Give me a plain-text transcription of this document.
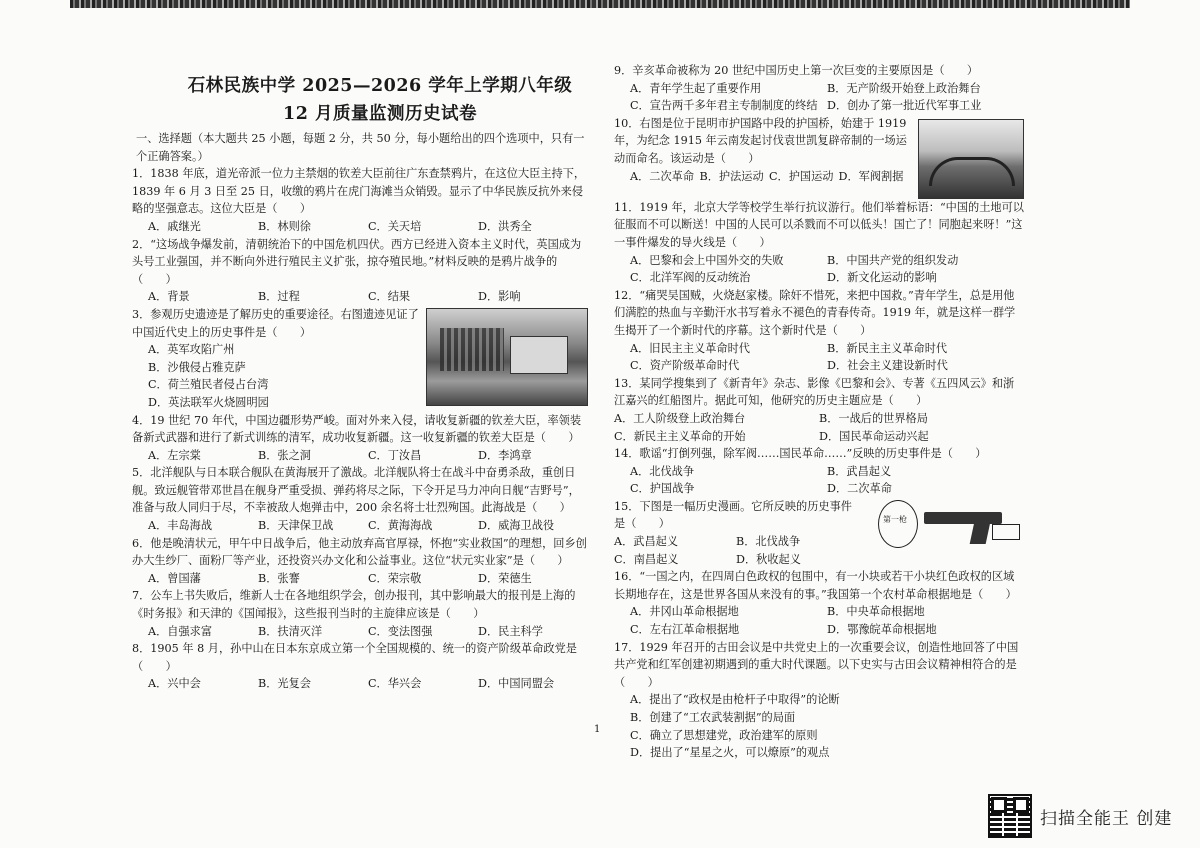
石林民族中学 2025—2026 学年上学期八年级
12 月质量监测历史试卷
一、选择题（本大题共 25 小题，每题 2 分，共 50 分，每小题给出的四个选项中，只有一个正确答案。）
1．1838 年底，道光帝派一位力主禁烟的钦差大臣前往广东查禁鸦片，在这位大臣主持下，1839 年 6 月 3 日至 25 日，收缴的鸦片在虎门海滩当众销毁。显示了中华民族反抗外来侵略的坚强意志。这位大臣是（　　）
A．戚继光	B．林则徐	C．关天培	D．洪秀全
2．“这场战争爆发前，清朝统治下的中国危机四伏。西方已经进入资本主义时代，英国成为头号工业强国，并不断向外进行殖民主义扩张，掠夺殖民地。”材料反映的是鸦片战争的（　　）
A．背景	B．过程	C．结果	D．影响
3．参观历史遗迹是了解历史的重要途径。右图遗迹见证了中国近代史上的历史事件是（　　）
A．英军攻陷广州
B．沙俄侵占雅克萨
C．荷兰殖民者侵占台湾
D．英法联军火烧圆明园
4．19 世纪 70 年代，中国边疆形势严峻。面对外来入侵，请收复新疆的钦差大臣，率领装备新式武器和进行了新式训练的清军，成功收复新疆。这一收复新疆的钦差大臣是（　　）
A．左宗棠	B．张之洞	C．丁汝昌	D．李鸿章
5．北洋舰队与日本联合舰队在黄海展开了激战。北洋舰队将士在战斗中奋勇杀敌，重创日舰。致远舰管带邓世昌在舰身严重受损、弹药将尽之际，下令开足马力冲向日舰“吉野号”，准备与敌人同归于尽，不幸被敌人炮弹击中，200 余名将士壮烈殉国。此海战是（　　）
A．丰岛海战	B．天津保卫战	C．黄海海战	D．威海卫战役
6．他是晚清状元，甲午中日战争后，他主动放弃高官厚禄，怀抱“实业救国”的理想，回乡创办大生纱厂、面粉厂等产业，还投资兴办文化和公益事业。这位“状元实业家”是（　　）
A．曾国藩	B．张謇	C．荣宗敬	D．荣德生
7．公车上书失败后，维新人士在各地组织学会，创办报刊，其中影响最大的报刊是上海的《时务报》和天津的《国闻报》，这些报刊当时的主旋律应该是（　　）
A．自强求富	B．扶清灭洋	C．变法图强	D．民主科学
8．1905 年 8 月，孙中山在日本东京成立第一个全国规模的、统一的资产阶级革命政党是（　　）
A．兴中会	B．光复会	C．华兴会	D．中国同盟会
9．辛亥革命被称为 20 世纪中国历史上第一次巨变的主要原因是（　　）
A．青年学生起了重要作用	B．无产阶级开始登上政治舞台
C．宣告两千多年君主专制制度的终结 D．创办了第一批近代军事工业
10．右图是位于昆明市护国路中段的护国桥，始建于 1919 年，为纪念 1915 年云南发起讨伐袁世凯复辟帝制的一场运动而命名。该运动是（　　）
A．二次革命 B．护法运动 C．护国运动 D．军阀割据
11．1919 年，北京大学等校学生举行抗议游行。他们举着标语：“中国的土地可以征服而不可以断送！中国的人民可以杀戮而不可以低头！国亡了！同胞起来呀！”这一事件爆发的导火线是（　　）
A．巴黎和会上中国外交的失败	B．中国共产党的组织发动
C．北洋军阀的反动统治	D．新文化运动的影响
12．“痛哭吴国贼，火烧赵家楼。除奸不惜死，来把中国救。”青年学生，总是用他们满腔的热血与辛勤汗水书写着永不褪色的青春传奇。1919 年，就是这样一群学生揭开了一个新时代的序幕。这个新时代是（　　）
A．旧民主主义革命时代	B．新民主主义革命时代
C．资产阶级革命时代	D．社会主义建设新时代
13．某同学搜集到了《新青年》杂志、影像《巴黎和会》、专著《五四风云》和浙江嘉兴的红船图片。据此可知，他研究的历史主题应是（　　）
A．工人阶级登上政治舞台	B．一战后的世界格局
C．新民主主义革命的开始	D．国民革命运动兴起
14．歌谣“打倒列强，除军阀……国民革命……”反映的历史事件是（　　）
A．北伐战争	B．武昌起义
C．护国战争	D．二次革命
15．下图是一幅历史漫画。它所反映的历史事件是（　　）
A．武昌起义	B．北伐战争
C．南昌起义	D．秋收起义
第一枪
16．“一国之内，在四周白色政权的包围中，有一小块或若干小块红色政权的区域长期地存在，这是世界各国从来没有的事。”我国第一个农村革命根据地是（　　）
A．井冈山革命根据地	B．中央革命根据地
C．左右江革命根据地	D．鄂豫皖革命根据地
17．1929 年召开的古田会议是中共党史上的一次重要会议，创造性地回答了中国共产党和红军创建初期遇到的重大时代课题。以下史实与古田会议精神相符合的是（　　）
A．提出了“政权是由枪杆子中取得”的论断
B．创建了“工农武装割据”的局面
C．确立了思想建党，政治建军的原则
D．提出了“星星之火，可以燎原”的观点
1
扫描全能王 创建
